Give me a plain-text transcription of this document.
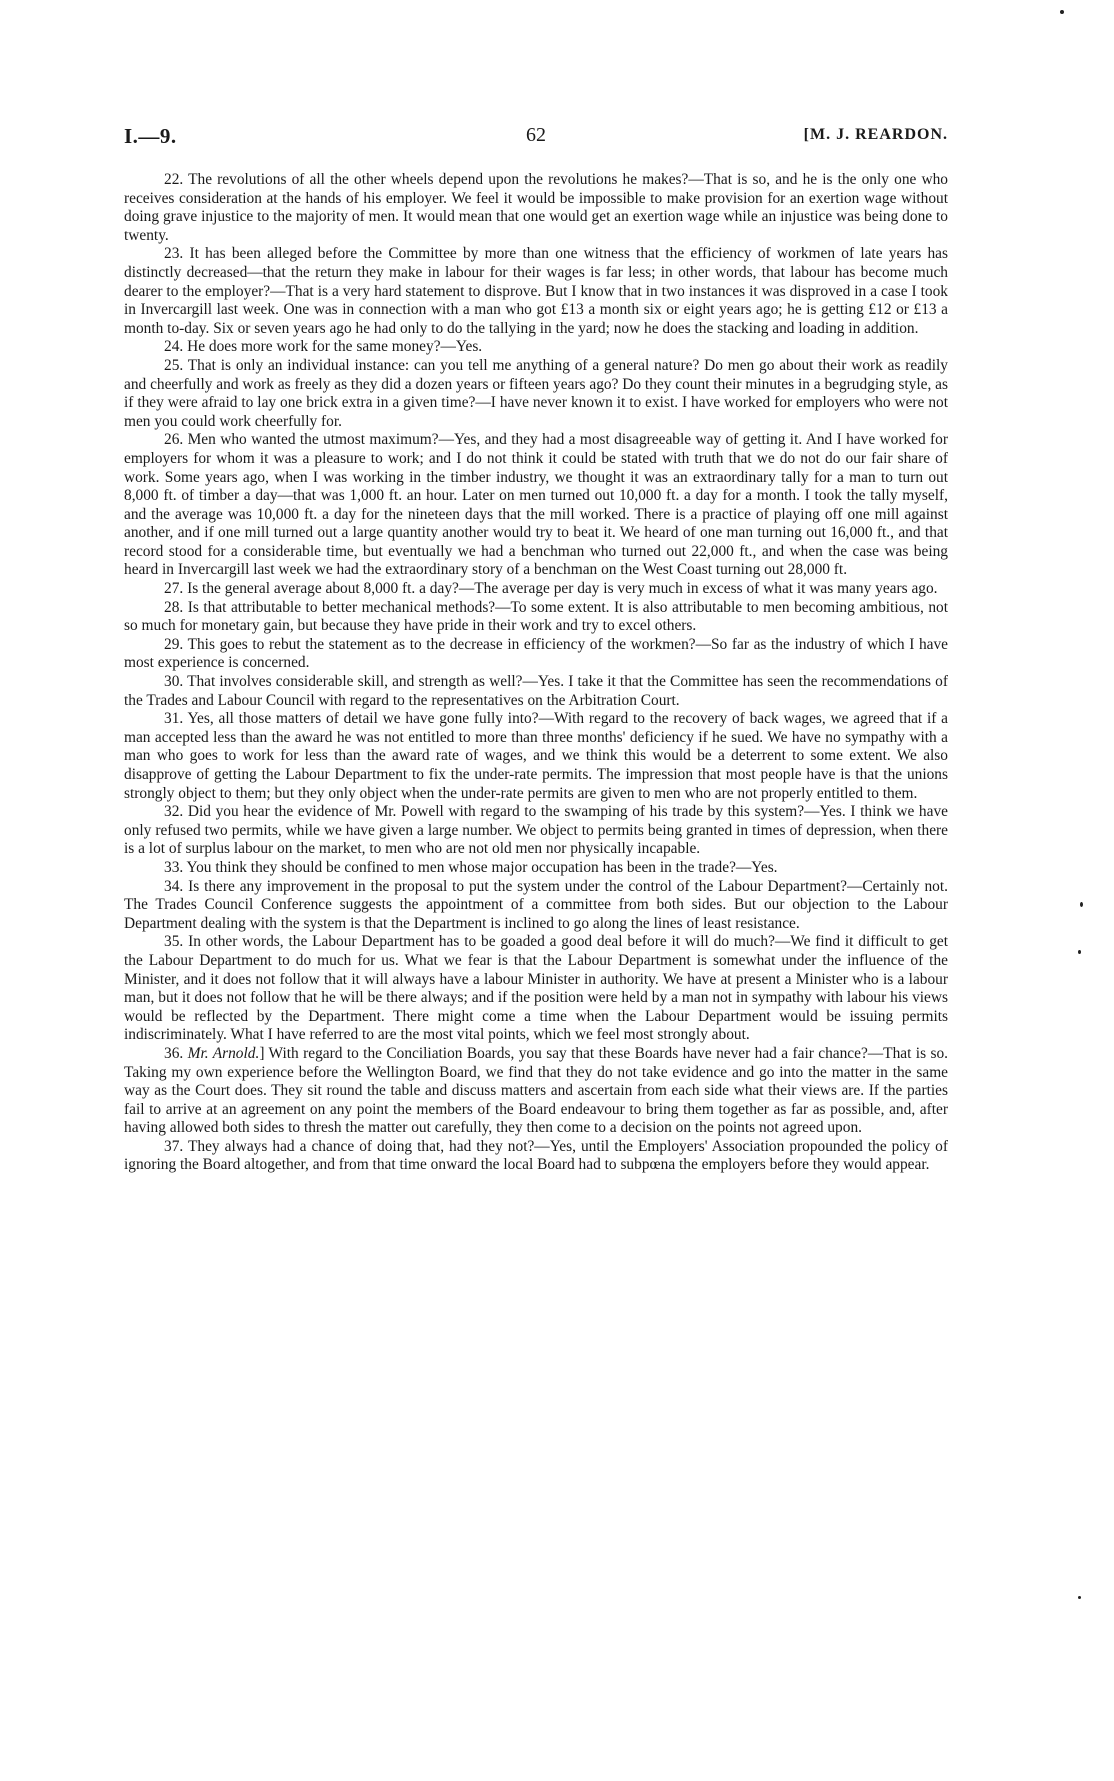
I.—9.	62	[M. J. REARDON.

22. The revolutions of all the other wheels depend upon the revolutions he makes?—That is so, and he is the only one who receives consideration at the hands of his employer. We feel it would be impossible to make provision for an exertion wage without doing grave injustice to the majority of men. It would mean that one would get an exertion wage while an injustice was being done to twenty.

23. It has been alleged before the Committee by more than one witness that the efficiency of workmen of late years has distinctly decreased—that the return they make in labour for their wages is far less; in other words, that labour has become much dearer to the employer?—That is a very hard statement to disprove. But I know that in two instances it was disproved in a case I took in Invercargill last week. One was in connection with a man who got £13 a month six or eight years ago; he is getting £12 or £13 a month to-day. Six or seven years ago he had only to do the tallying in the yard; now he does the stacking and loading in addition.

24. He does more work for the same money?—Yes.

25. That is only an individual instance: can you tell me anything of a general nature? Do men go about their work as readily and cheerfully and work as freely as they did a dozen years or fifteen years ago? Do they count their minutes in a begrudging style, as if they were afraid to lay one brick extra in a given time?—I have never known it to exist. I have worked for employers who were not men you could work cheerfully for.

26. Men who wanted the utmost maximum?—Yes, and they had a most disagreeable way of getting it. And I have worked for employers for whom it was a pleasure to work; and I do not think it could be stated with truth that we do not do our fair share of work. Some years ago, when I was working in the timber industry, we thought it was an extraordinary tally for a man to turn out 8,000 ft. of timber a day—that was 1,000 ft. an hour. Later on men turned out 10,000 ft. a day for a month. I took the tally myself, and the average was 10,000 ft. a day for the nineteen days that the mill worked. There is a practice of playing off one mill against another, and if one mill turned out a large quantity another would try to beat it. We heard of one man turning out 16,000 ft., and that record stood for a considerable time, but eventually we had a benchman who turned out 22,000 ft., and when the case was being heard in Invercargill last week we had the extraordinary story of a benchman on the West Coast turning out 28,000 ft.

27. Is the general average about 8,000 ft. a day?—The average per day is very much in excess of what it was many years ago.

28. Is that attributable to better mechanical methods?—To some extent. It is also attributable to men becoming ambitious, not so much for monetary gain, but because they have pride in their work and try to excel others.

29. This goes to rebut the statement as to the decrease in efficiency of the workmen?—So far as the industry of which I have most experience is concerned.

30. That involves considerable skill, and strength as well?—Yes. I take it that the Committee has seen the recommendations of the Trades and Labour Council with regard to the representatives on the Arbitration Court.

31. Yes, all those matters of detail we have gone fully into?—With regard to the recovery of back wages, we agreed that if a man accepted less than the award he was not entitled to more than three months' deficiency if he sued. We have no sympathy with a man who goes to work for less than the award rate of wages, and we think this would be a deterrent to some extent. We also disapprove of getting the Labour Department to fix the under-rate permits. The impression that most people have is that the unions strongly object to them; but they only object when the under-rate permits are given to men who are not properly entitled to them.

32. Did you hear the evidence of Mr. Powell with regard to the swamping of his trade by this system?—Yes. I think we have only refused two permits, while we have given a large number. We object to permits being granted in times of depression, when there is a lot of surplus labour on the market, to men who are not old men nor physically incapable.

33. You think they should be confined to men whose major occupation has been in the trade?—Yes.

34. Is there any improvement in the proposal to put the system under the control of the Labour Department?—Certainly not. The Trades Council Conference suggests the appointment of a committee from both sides. But our objection to the Labour Department dealing with the system is that the Department is inclined to go along the lines of least resistance.

35. In other words, the Labour Department has to be goaded a good deal before it will do much?—We find it difficult to get the Labour Department to do much for us. What we fear is that the Labour Department is somewhat under the influence of the Minister, and it does not follow that it will always have a labour Minister in authority. We have at present a Minister who is a labour man, but it does not follow that he will be there always; and if the position were held by a man not in sympathy with labour his views would be reflected by the Department. There might come a time when the Labour Department would be issuing permits indiscriminately. What I have referred to are the most vital points, which we feel most strongly about.

36. Mr. Arnold.] With regard to the Conciliation Boards, you say that these Boards have never had a fair chance?—That is so. Taking my own experience before the Wellington Board, we find that they do not take evidence and go into the matter in the same way as the Court does. They sit round the table and discuss matters and ascertain from each side what their views are. If the parties fail to arrive at an agreement on any point the members of the Board endeavour to bring them together as far as possible, and, after having allowed both sides to thresh the matter out carefully, they then come to a decision on the points not agreed upon.

37. They always had a chance of doing that, had they not?—Yes, until the Employers' Association propounded the policy of ignoring the Board altogether, and from that time onward the local Board had to subpœna the employers before they would appear.
